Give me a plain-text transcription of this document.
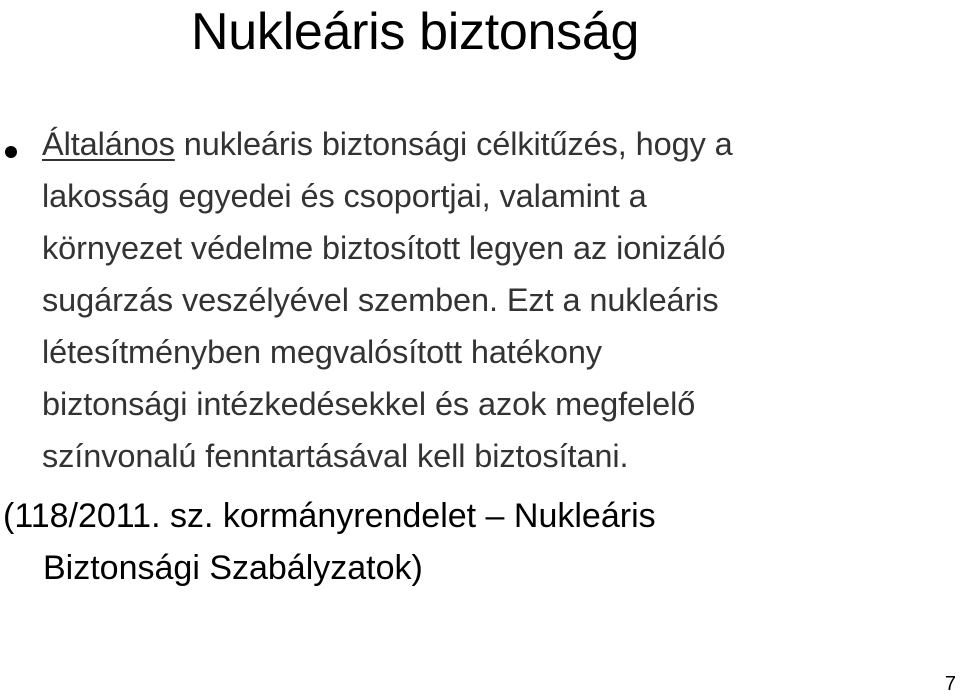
Nukleáris biztonság
Általános nukleáris biztonsági célkitűzés, hogy a
lakosság egyedei és csoportjai, valamint a
környezet védelme biztosított legyen az ionizáló
sugárzás veszélyével szemben. Ezt a nukleáris
létesítményben megvalósított hatékony
biztonsági intézkedésekkel és azok megfelelő
színvonalú fenntartásával kell biztosítani.
(118/2011. sz. kormányrendelet – Nukleáris
Biztonsági Szabályzatok)
7
